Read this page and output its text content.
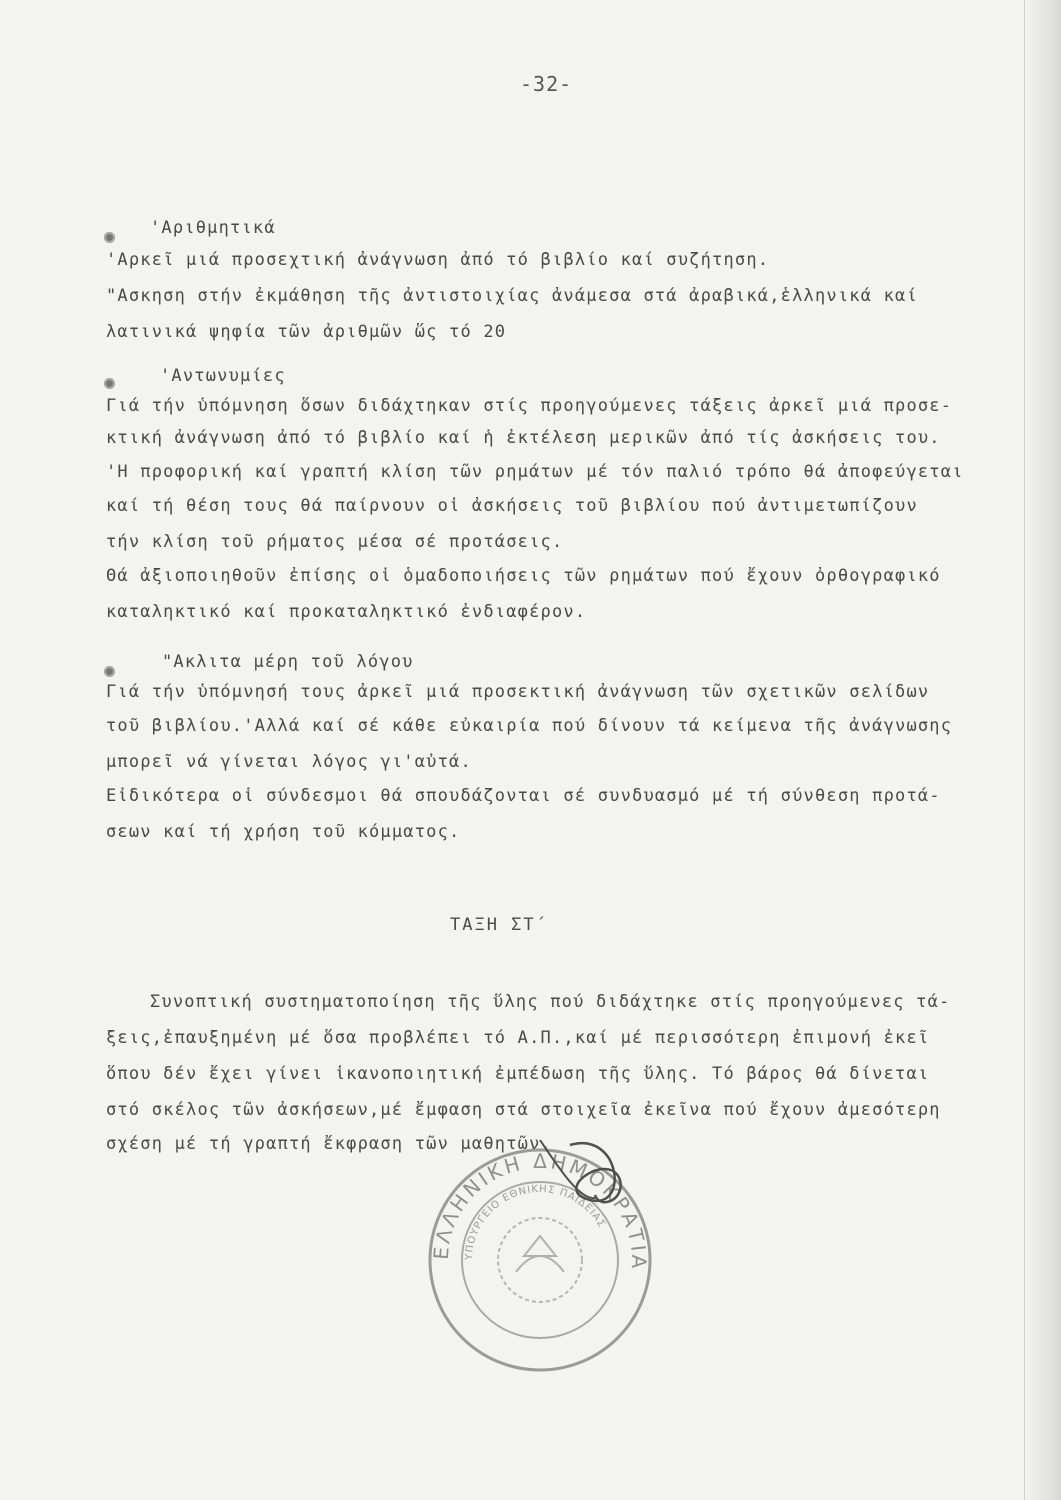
-32-
'Αριθμητικά
'Αρκεῖ μιά προσεχτική ἀνάγνωση ἀπό τό βιβλίο καί συζήτηση.
"Ασκηση στήν ἐκμάθηση τῆς ἀντιστοιχίας ἀνάμεσα στά ἀραβικά,ἑλληνικά καί
λατινικά ψηφία τῶν ἀριθμῶν ὥς τό 20
'Αντωνυμίες
Γιά τήν ὑπόμνηση ὅσων διδάχτηκαν στίς προηγούμενες τάξεις ἀρκεῖ μιά προσε-
κτική ἀνάγνωση ἀπό τό βιβλίο καί ἡ ἐκτέλεση μερικῶν ἀπό τίς ἀσκήσεις του.
'Η προφορική καί γραπτή κλίση τῶν ρημάτων μέ τόν παλιό τρόπο θά ἀποφεύγεται
καί τή θέση τους θά παίρνουν οἱ ἀσκήσεις τοῦ βιβλίου πού ἀντιμετωπίζουν
τήν κλίση τοῦ ρήματος μέσα σέ προτάσεις.
Θά ἀξιοποιηθοῦν ἐπίσης οἱ ὁμαδοποιήσεις τῶν ρημάτων πού ἔχουν ὀρθογραφικό
καταληκτικό καί προκαταληκτικό ἐνδιαφέρον.
"Ακλιτα μέρη τοῦ λόγου
Γιά τήν ὑπόμνησή τους ἀρκεῖ μιά προσεκτική ἀνάγνωση τῶν σχετικῶν σελίδων
τοῦ βιβλίου.'Αλλά καί σέ κάθε εὐκαιρία πού δίνουν τά κείμενα τῆς ἀνάγνωσης
μπορεῖ νά γίνεται λόγος γι'αὐτά.
Εἰδικότερα οἱ σύνδεσμοι θά σπουδάζονται σέ συνδυασμό μέ τή σύνθεση προτά-
σεων καί τή χρήση τοῦ κόμματος.
ΤΑΞΗ ΣΤ΄
Συνοπτική συστηματοποίηση τῆς ὕλης πού διδάχτηκε στίς προηγούμενες τά-
ξεις,ἐπαυξημένη μέ ὅσα προβλέπει τό Α.Π.,καί μέ περισσότερη ἐπιμονή ἐκεῖ
ὅπου δέν ἔχει γίνει ἱκανοποιητική ἐμπέδωση τῆς ὕλης. Τό βάρος θά δίνεται
στό σκέλος τῶν ἀσκήσεων,μέ ἔμφαση στά στοιχεῖα ἐκεῖνα πού ἔχουν ἀμεσότερη
σχέση μέ τή γραπτή ἔκφραση τῶν μαθητῶν.
ΕΛΛΗΝΙΚΗ ΔΗΜΟΚΡΑΤΙΑ
ΥΠΟΥΡΓΕΙΟ ΕΘΝΙΚΗΣ ΠΑΙΔΕΙΑΣ
